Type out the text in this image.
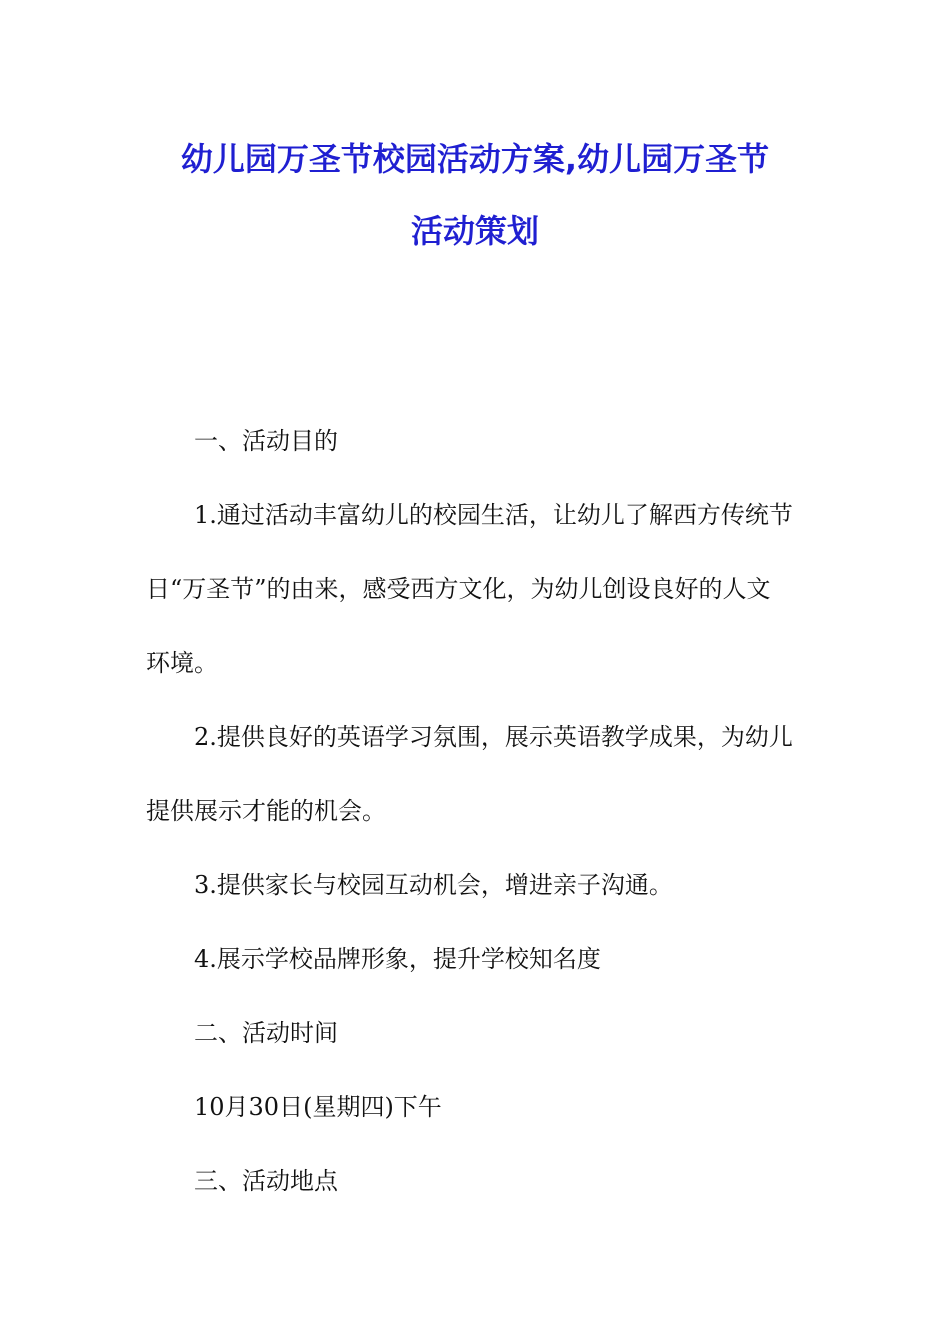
幼儿园万圣节校园活动方案,幼儿园万圣节
活动策划

一、活动目的

1.通过活动丰富幼儿的校园生活，让幼儿了解西方传统节

日“万圣节”的由来，感受西方文化，为幼儿创设良好的人文

环境。

2.提供良好的英语学习氛围，展示英语教学成果，为幼儿

提供展示才能的机会。

3.提供家长与校园互动机会，增进亲子沟通。

4.展示学校品牌形象，提升学校知名度

二、活动时间

10月30日(星期四)下午

三、活动地点
